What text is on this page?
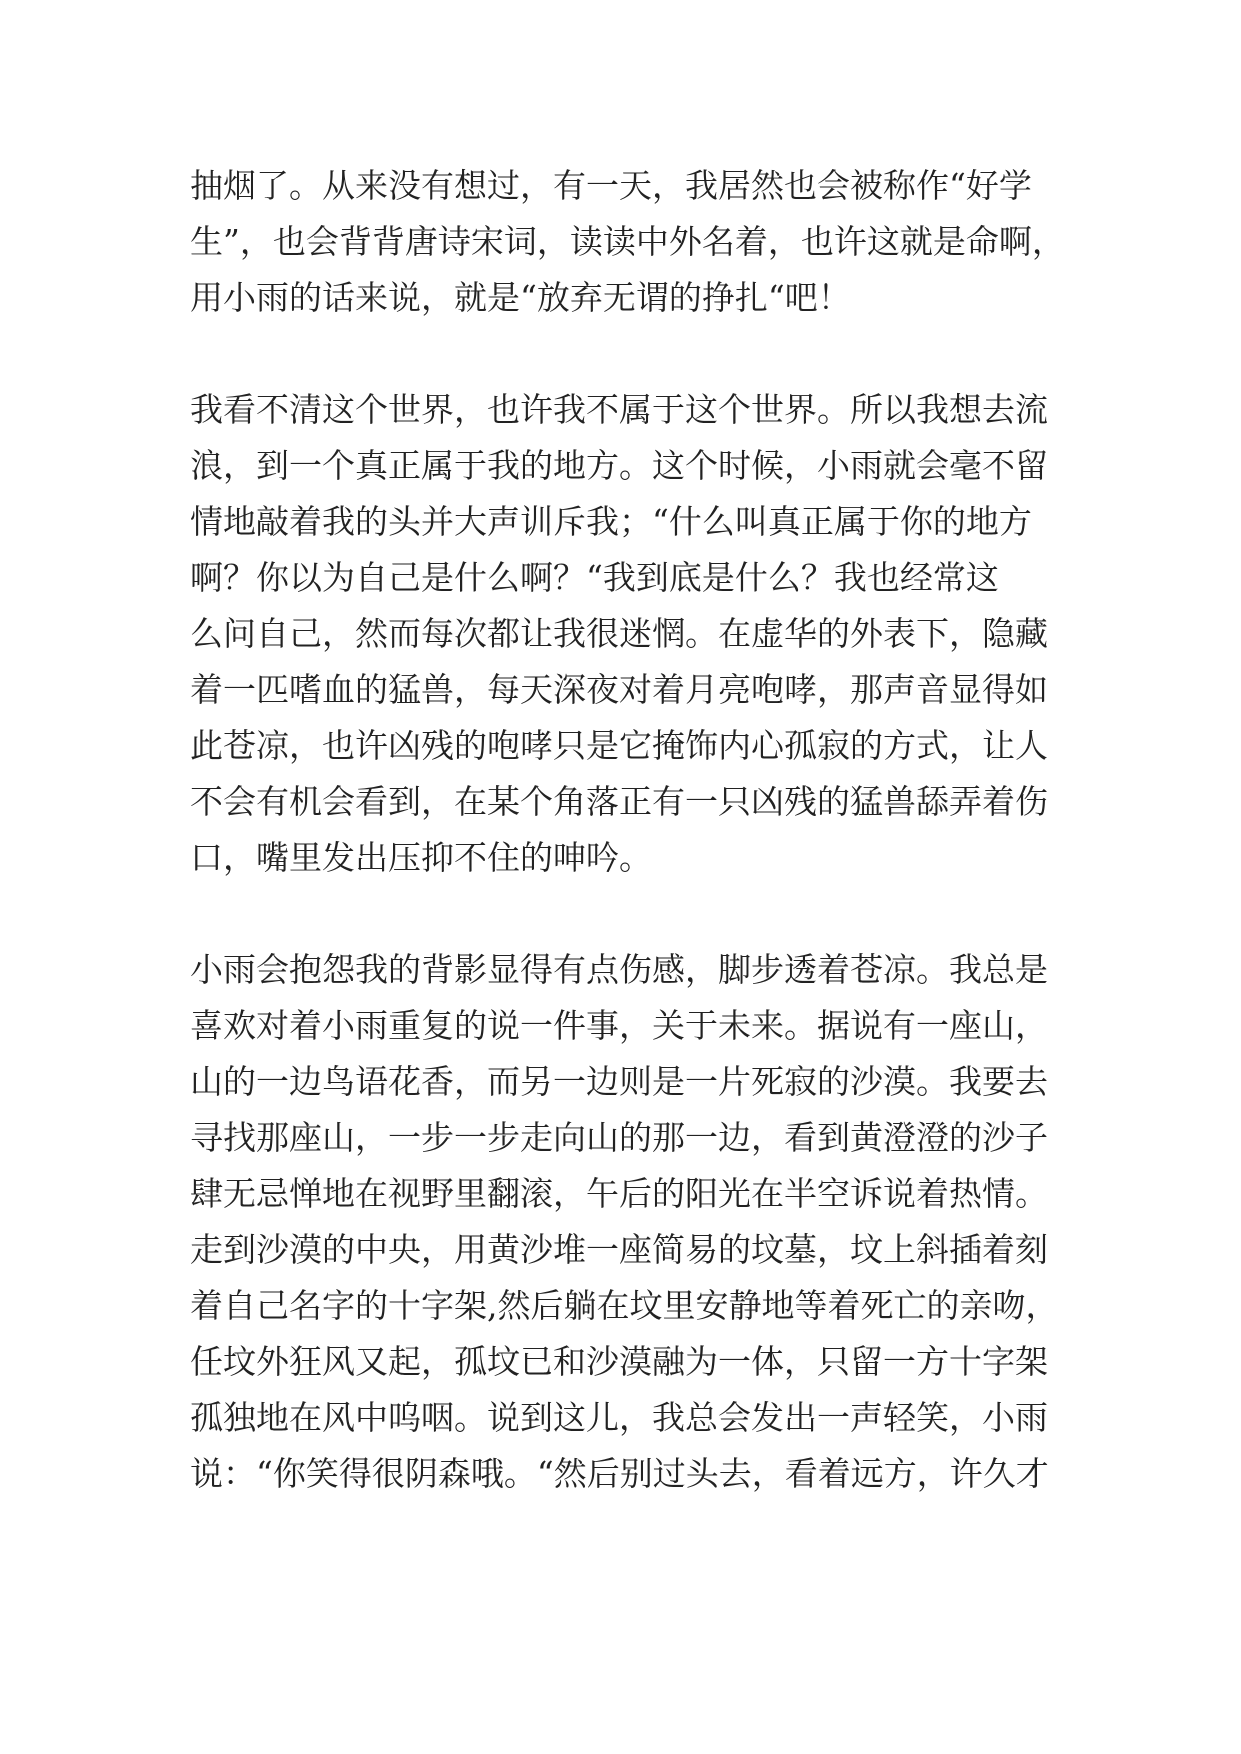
抽烟了。从来没有想过，有一天，我居然也会被称作“好学
生”，也会背背唐诗宋词，读读中外名着，也许这就是命啊，
用小雨的话来说，就是“放弃无谓的挣扎“吧！
我看不清这个世界，也许我不属于这个世界。所以我想去流
浪，到一个真正属于我的地方。这个时候，小雨就会毫不留
情地敲着我的头并大声训斥我；“什么叫真正属于你的地方
啊？你以为自己是什么啊？“我到底是什么？我也经常这
么问自己，然而每次都让我很迷惘。在虚华的外表下，隐藏
着一匹嗜血的猛兽，每天深夜对着月亮咆哮，那声音显得如
此苍凉，也许凶残的咆哮只是它掩饰内心孤寂的方式，让人
不会有机会看到，在某个角落正有一只凶残的猛兽舔弄着伤
口，嘴里发出压抑不住的呻吟。
小雨会抱怨我的背影显得有点伤感，脚步透着苍凉。我总是
喜欢对着小雨重复的说一件事，关于未来。据说有一座山，
山的一边鸟语花香，而另一边则是一片死寂的沙漠。我要去
寻找那座山，一步一步走向山的那一边，看到黄澄澄的沙子
肆无忌惮地在视野里翻滚，午后的阳光在半空诉说着热情。
走到沙漠的中央，用黄沙堆一座简易的坟墓，坟上斜插着刻
着自己名字的十字架,然后躺在坟里安静地等着死亡的亲吻，
任坟外狂风又起，孤坟已和沙漠融为一体，只留一方十字架
孤独地在风中呜咽。说到这儿，我总会发出一声轻笑，小雨
说：“你笑得很阴森哦。“然后别过头去，看着远方，许久才
